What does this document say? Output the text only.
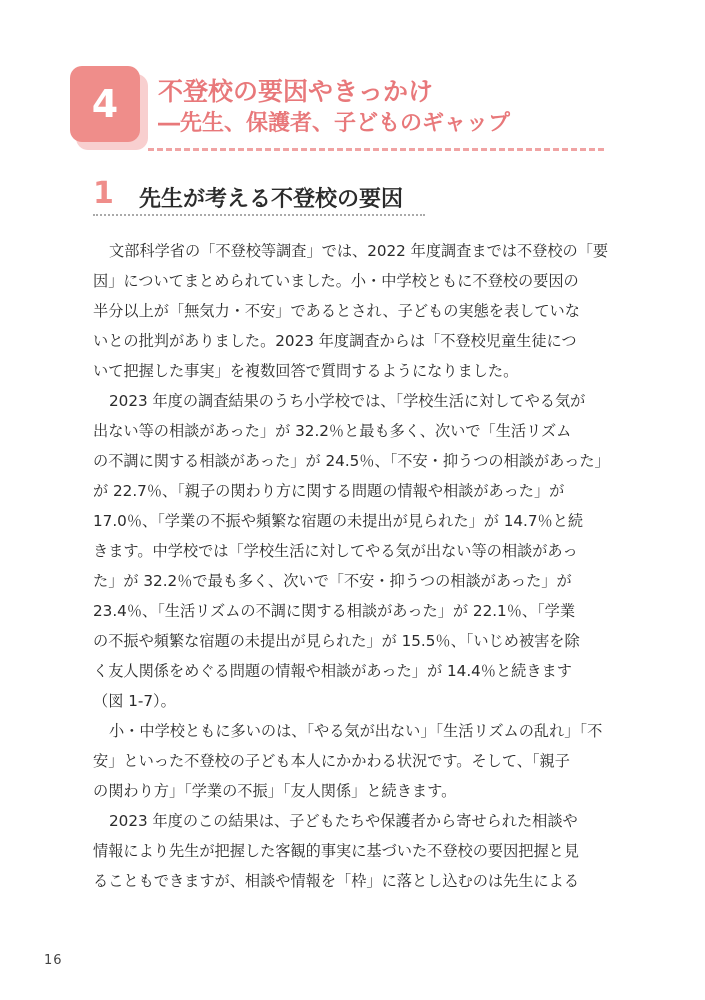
4	不登校の要因やきっかけ
―先生、保護者、子どものギャップ
1 先生が考える不登校の要因
文部科学省の「不登校等調査」では、2022 年度調査までは不登校の「要
因」についてまとめられていました。小・中学校ともに不登校の要因の
半分以上が「無気力・不安」であるとされ、子どもの実態を表していな
いとの批判がありました。2023 年度調査からは「不登校児童生徒につ
いて把握した事実」を複数回答で質問するようになりました。
2023 年度の調査結果のうち小学校では、「学校生活に対してやる気が
出ない等の相談があった」が 32.2％と最も多く、次いで「生活リズム
の不調に関する相談があった」が 24.5％、「不安・抑うつの相談があった」
が 22.7％、「親子の関わり方に関する問題の情報や相談があった」が
17.0％、「学業の不振や頻繁な宿題の未提出が見られた」が 14.7％と続
きます。中学校では「学校生活に対してやる気が出ない等の相談があっ
た」が 32.2％で最も多く、次いで「不安・抑うつの相談があった」が
23.4％、「生活リズムの不調に関する相談があった」が 22.1％、「学業
の不振や頻繁な宿題の未提出が見られた」が 15.5％、「いじめ被害を除
く友人関係をめぐる問題の情報や相談があった」が 14.4％と続きます
（図 1-7）。
小・中学校ともに多いのは、「やる気が出ない」「生活リズムの乱れ」「不
安」といった不登校の子ども本人にかかわる状況です。そして、「親子
の関わり方」「学業の不振」「友人関係」と続きます。
2023 年度のこの結果は、子どもたちや保護者から寄せられた相談や
情報により先生が把握した客観的事実に基づいた不登校の要因把握と見
ることもできますが、相談や情報を「枠」に落とし込むのは先生による
16
